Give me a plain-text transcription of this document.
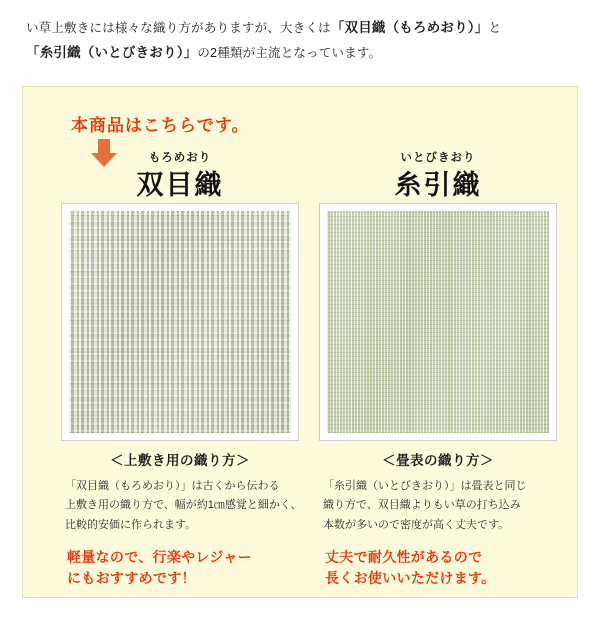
い草上敷きには様々な織り方がありますが、大きくは「双目織（もろめおり）」と
「糸引織（いとびきおり）」の2種類が主流となっています。
本商品はこちらです。
もろめおり
双目織
＜上敷き用の織り方＞
「双目織（もろめおり）」は古くから伝わる
上敷き用の織り方で、幅が約1㎝感覚と細かく、
比較的安価に作られます。
軽量なので、行楽やレジャー
にもおすすめです！
いとびきおり
糸引織
＜畳表の織り方＞
「糸引織（いとびきおり）」は畳表と同じ
織り方で、双目織よりもい草の打ち込み
本数が多いので密度が高く丈夫です。
丈夫で耐久性があるので
長くお使いいただけます。
